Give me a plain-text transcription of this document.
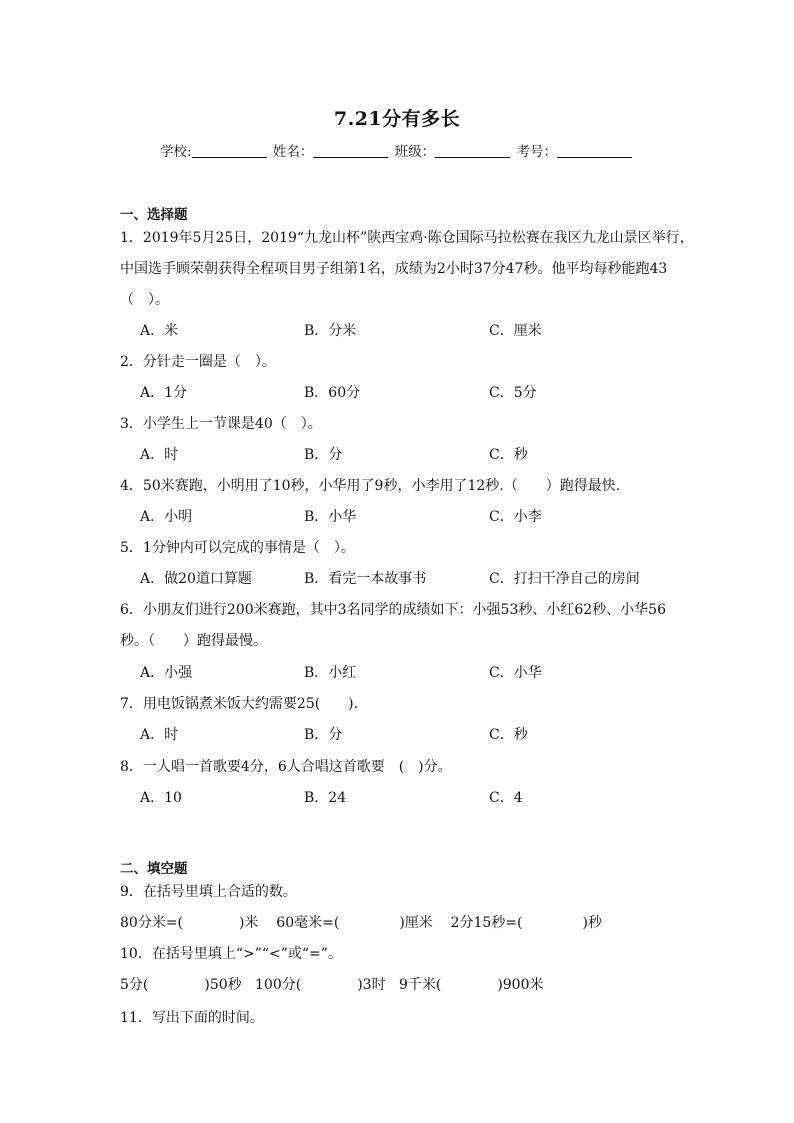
7.21分有多长
学校:	姓名：	班级：	考号：
一、选择题
1．2019年5月25日，2019“九龙山杯”陕西宝鸡·陈仓国际马拉松赛在我区九龙山景区举行，
中国选手顾荣朝获得全程项目男子组第1名，成绩为2小时37分47秒。他平均每秒能跑43
（　）。
A．米	B．分米	C．厘米
2．分针走一圈是（　）。
A．1分	B．60分	C．5分
3．小学生上一节课是40（　）。
A．时	B．分	C．秒
4．50米赛跑，小明用了10秒，小华用了9秒，小李用了12秒.（　　）跑得最快.
A．小明	B．小华	C．小李
5．1分钟内可以完成的事情是（　）。
A．做20道口算题	B．看完一本故事书	C．打扫干净自己的房间
6．小朋友们进行200米赛跑，其中3名同学的成绩如下：小强53秒、小红62秒、小华56
秒。（　　）跑得最慢。
A．小强	B．小红	C．小华
7．用电饭锅煮米饭大约需要25(　　).
A．时	B．分	C．秒
8．一人唱一首歌要4分，6人合唱这首歌要　(　)分。
A．10	B．24	C．4
二、填空题
9．在括号里填上合适的数。
80分米=(	)米 60毫米=(	)厘米 2分15秒=(	)秒
10．在括号里填上“>”“<”或“=”。
5分(	)50秒 100分(	)3时 9千米(	)900米
11．写出下面的时间。
